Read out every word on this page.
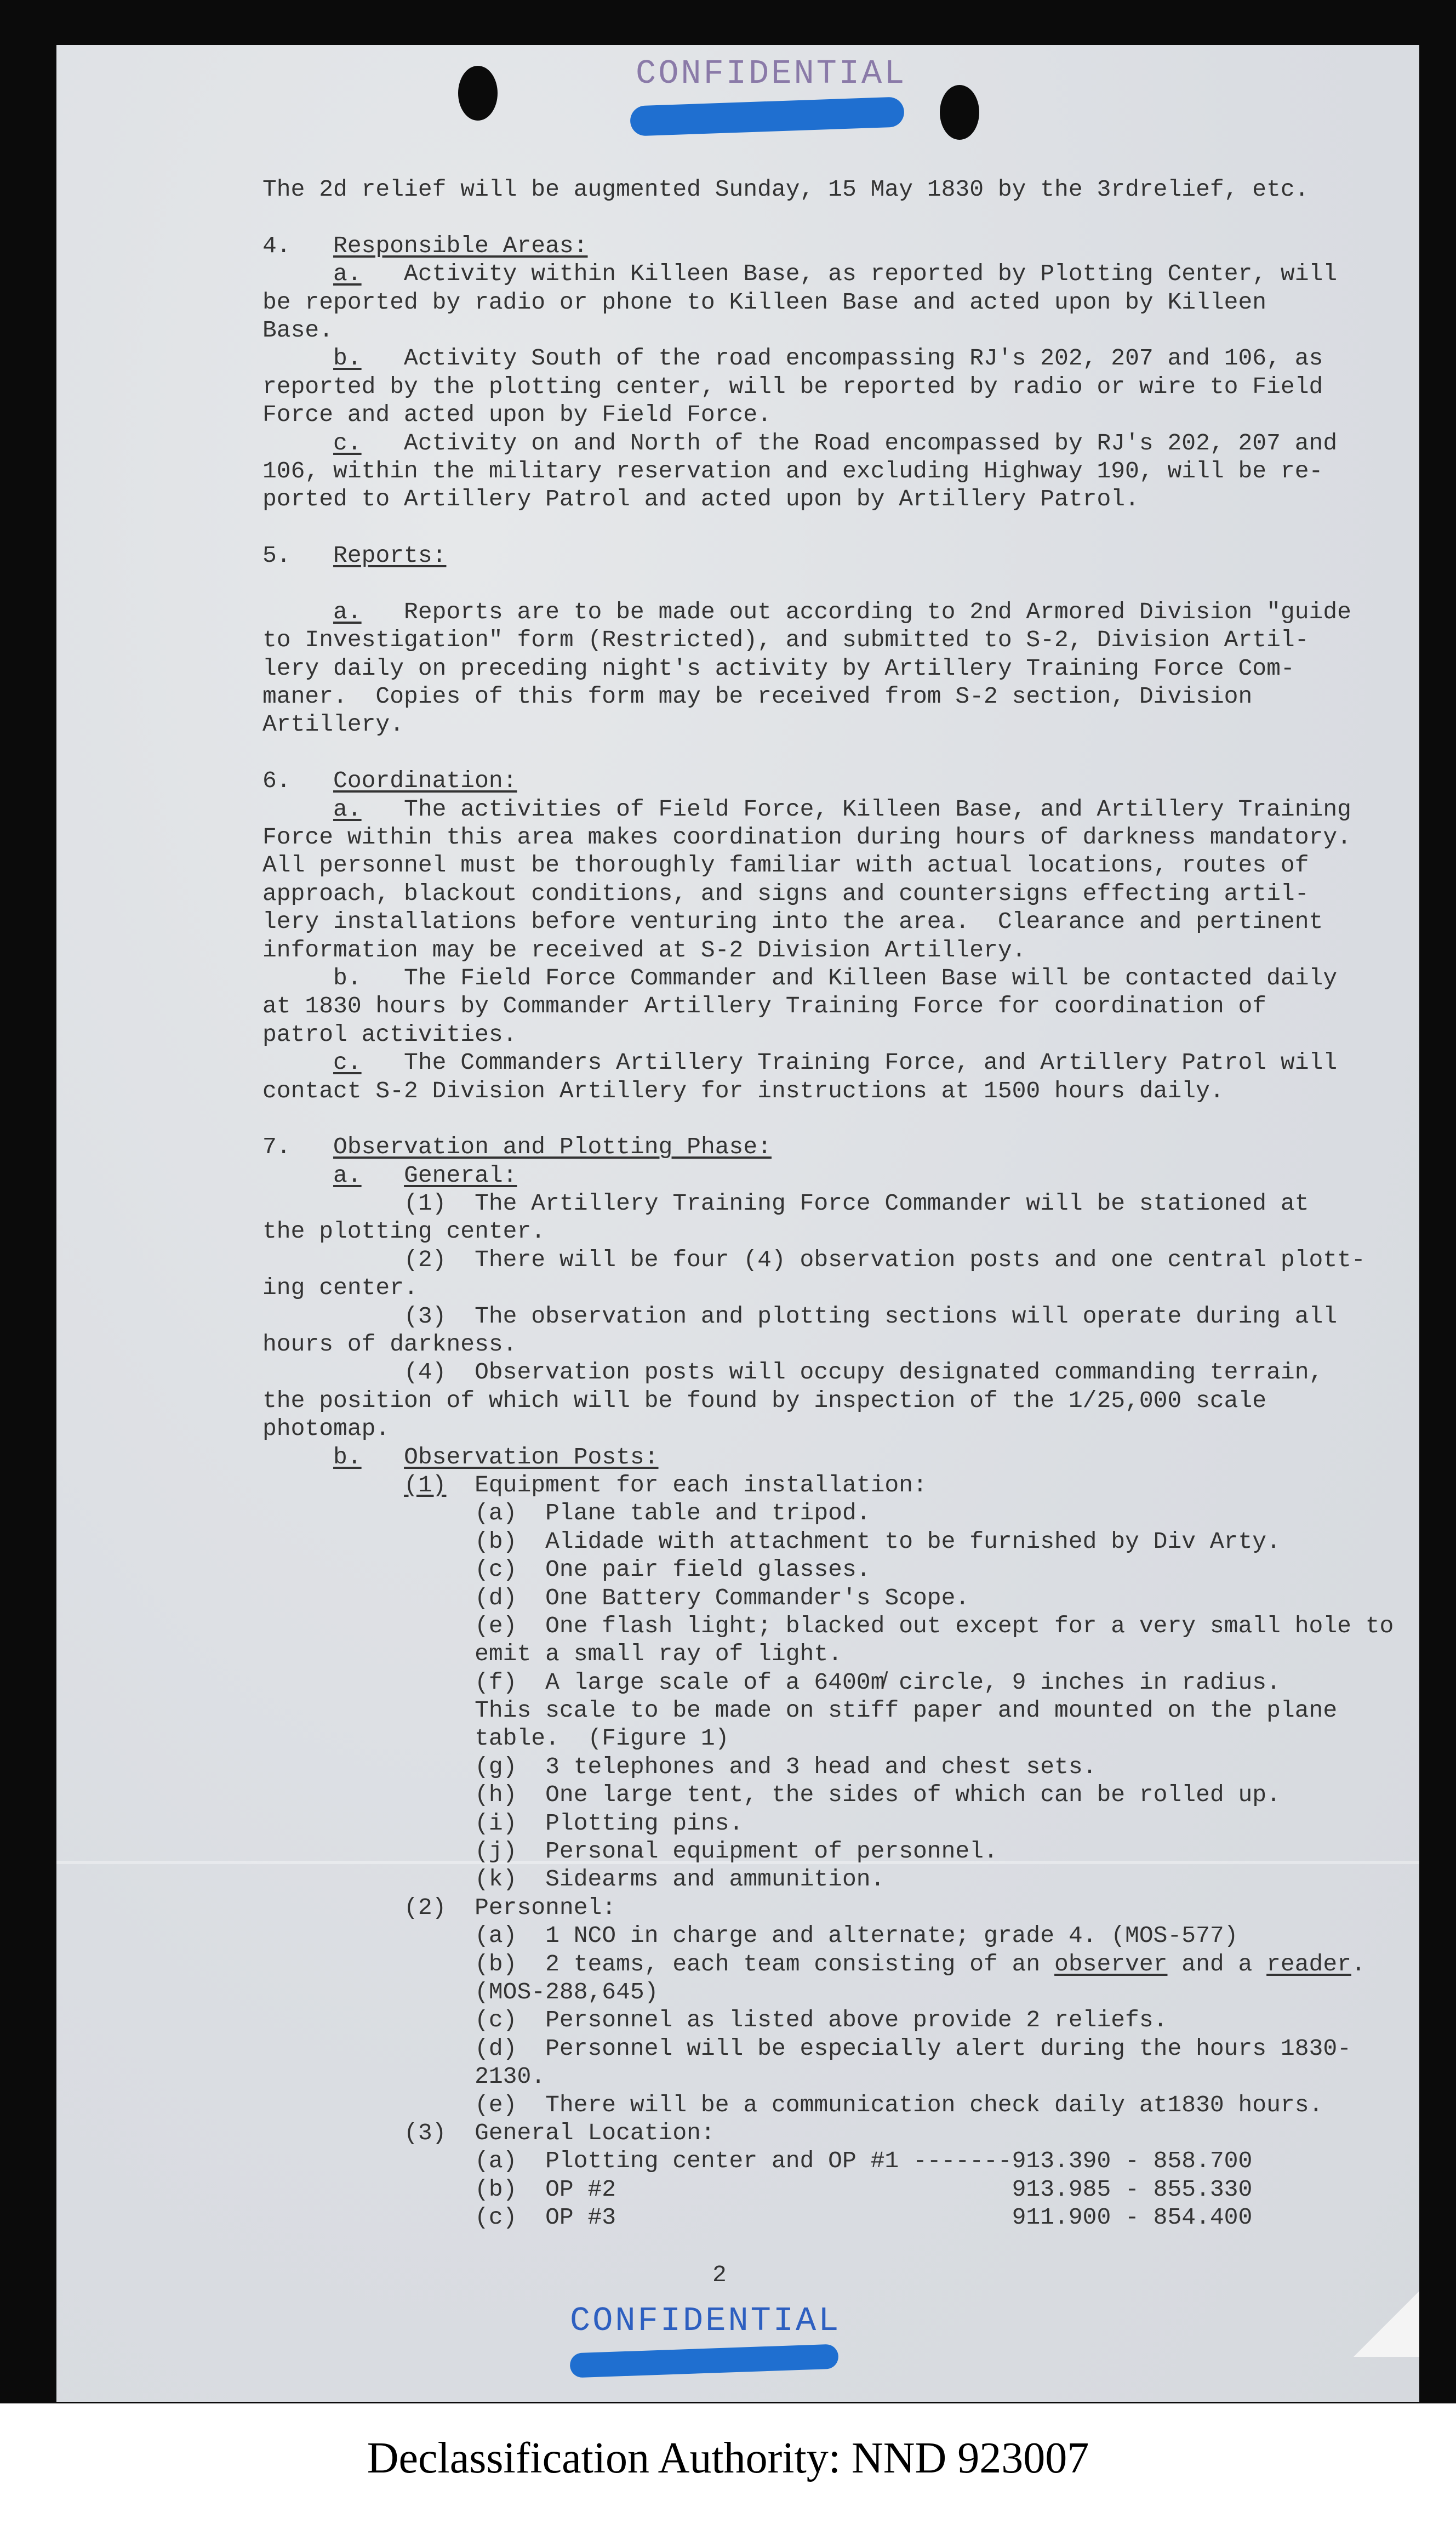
CONFIDENTIAL
The 2d relief will be augmented Sunday, 15 May 1830 by the 3rdrelief, etc.
4.   Responsible Areas:
a.   Activity within Killeen Base, as reported by Plotting Center, will
be reported by radio or phone to Killeen Base and acted upon by Killeen
Base.
b.   Activity South of the road encompassing RJ's 202, 207 and 106, as
reported by the plotting center, will be reported by radio or wire to Field
Force and acted upon by Field Force.
c.   Activity on and North of the Road encompassed by RJ's 202, 207 and
106, within the military reservation and excluding Highway 190, will be re-
ported to Artillery Patrol and acted upon by Artillery Patrol.
5.   Reports:
a.   Reports are to be made out according to 2nd Armored Division "guide
to Investigation" form (Restricted), and submitted to S-2, Division Artil-
lery daily on preceding night's activity by Artillery Training Force Com-
maner.  Copies of this form may be received from S-2 section, Division
Artillery.
6.   Coordination:
a.   The activities of Field Force, Killeen Base, and Artillery Training
Force within this area makes coordination during hours of darkness mandatory.
All personnel must be thoroughly familiar with actual locations, routes of
approach, blackout conditions, and signs and countersigns effecting artil-
lery installations before venturing into the area.  Clearance and pertinent
information may be received at S-2 Division Artillery.
b.   The Field Force Commander and Killeen Base will be contacted daily
at 1830 hours by Commander Artillery Training Force for coordination of
patrol activities.
c.   The Commanders Artillery Training Force, and Artillery Patrol will
contact S-2 Division Artillery for instructions at 1500 hours daily.
7.   Observation and Plotting Phase:
a. General:
(1)  The Artillery Training Force Commander will be stationed at
the plotting center.
(2)  There will be four (4) observation posts and one central plott-
ing center.
(3)  The observation and plotting sections will operate during all
hours of darkness.
(4)  Observation posts will occupy designated commanding terrain,
the position of which will be found by inspection of the 1/25,000 scale
photomap.
b. Observation Posts:
(1)  Equipment for each installation:
(a)  Plane table and tripod.
(b)  Alidade with attachment to be furnished by Div Arty.
(c)  One pair field glasses.
(d)  One Battery Commander's Scope.
(e)  One flash light; blacked out except for a very small hole to
emit a small ray of light.
(f)  A large scale of a 6400m̸ circle, 9 inches in radius.
This scale to be made on stiff paper and mounted on the plane
table.  (Figure 1)
(g)  3 telephones and 3 head and chest sets.
(h)  One large tent, the sides of which can be rolled up.
(i)  Plotting pins.
(j)  Personal equipment of personnel.
(k)  Sidearms and ammunition.
(2)  Personnel:
(a)  1 NCO in charge and alternate; grade 4. (MOS-577)
(b)  2 teams, each team consisting of an observer and a reader.
(MOS-288,645)
(c)  Personnel as listed above provide 2 reliefs.
(d)  Personnel will be especially alert during the hours 1830-
2130.
(e)  There will be a communication check daily at1830 hours.
(3)  General Location:
(a)  Plotting center and OP #1 -------913.390 - 858.700
(b)  OP #2                            913.985 - 855.330
(c)  OP #3                            911.900 - 854.400
2
CONFIDENTIAL
Declassification Authority: NND 923007
